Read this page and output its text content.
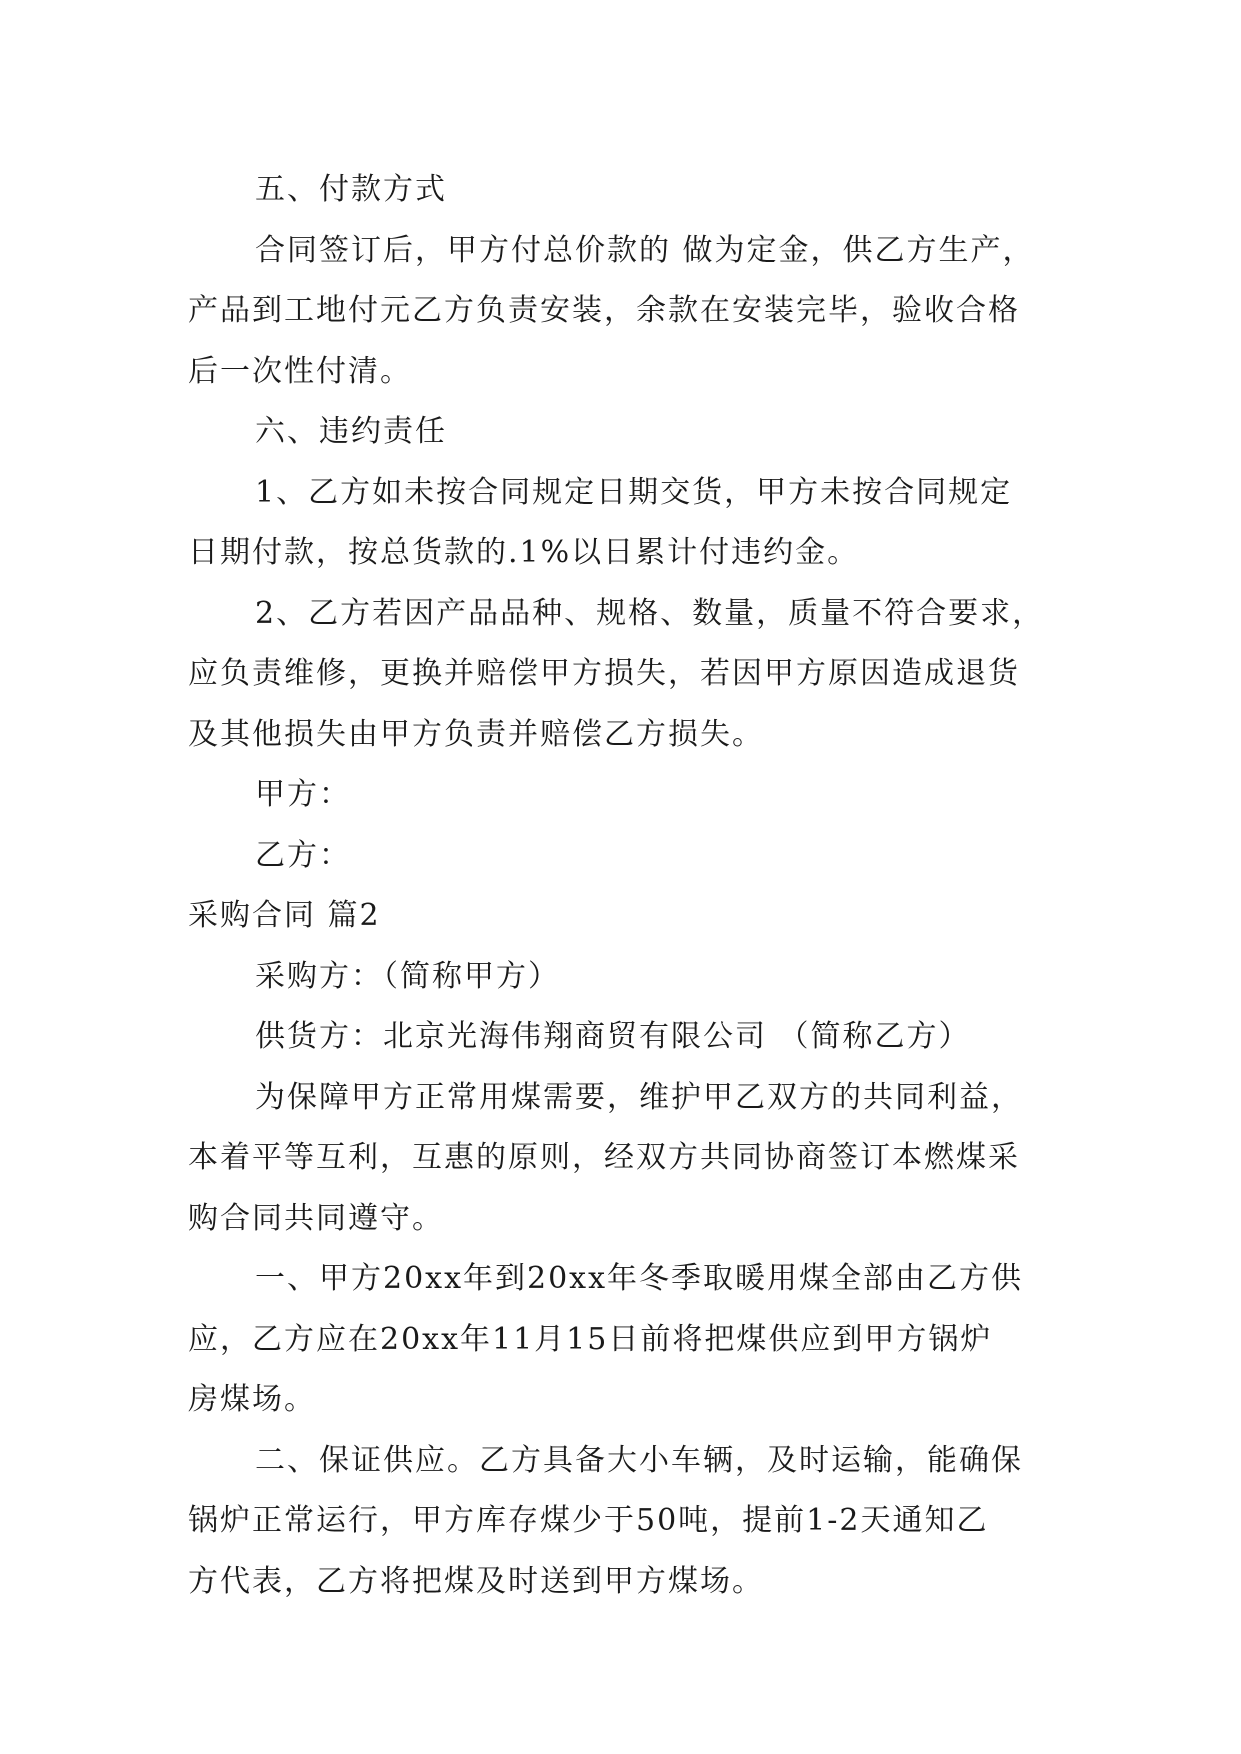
五、付款方式
合同签订后，甲方付总价款的 做为定金，供乙方生产，
产品到工地付元乙方负责安装，余款在安装完毕，验收合格
后一次性付清。
六、违约责任
1、乙方如未按合同规定日期交货，甲方未按合同规定
日期付款，按总货款的.1%以日累计付违约金。
2、乙方若因产品品种、规格、数量，质量不符合要求，
应负责维修，更换并赔偿甲方损失，若因甲方原因造成退货
及其他损失由甲方负责并赔偿乙方损失。
甲方：
乙方：
采购合同 篇2
采购方：（简称甲方）
供货方：北京光海伟翔商贸有限公司 （简称乙方）
为保障甲方正常用煤需要，维护甲乙双方的共同利益，
本着平等互利，互惠的原则，经双方共同协商签订本燃煤采
购合同共同遵守。
一、甲方20xx年到20xx年冬季取暖用煤全部由乙方供
应，乙方应在20xx年11月15日前将把煤供应到甲方锅炉
房煤场。
二、保证供应。乙方具备大小车辆，及时运输，能确保
锅炉正常运行，甲方库存煤少于50吨，提前1-2天通知乙
方代表，乙方将把煤及时送到甲方煤场。
